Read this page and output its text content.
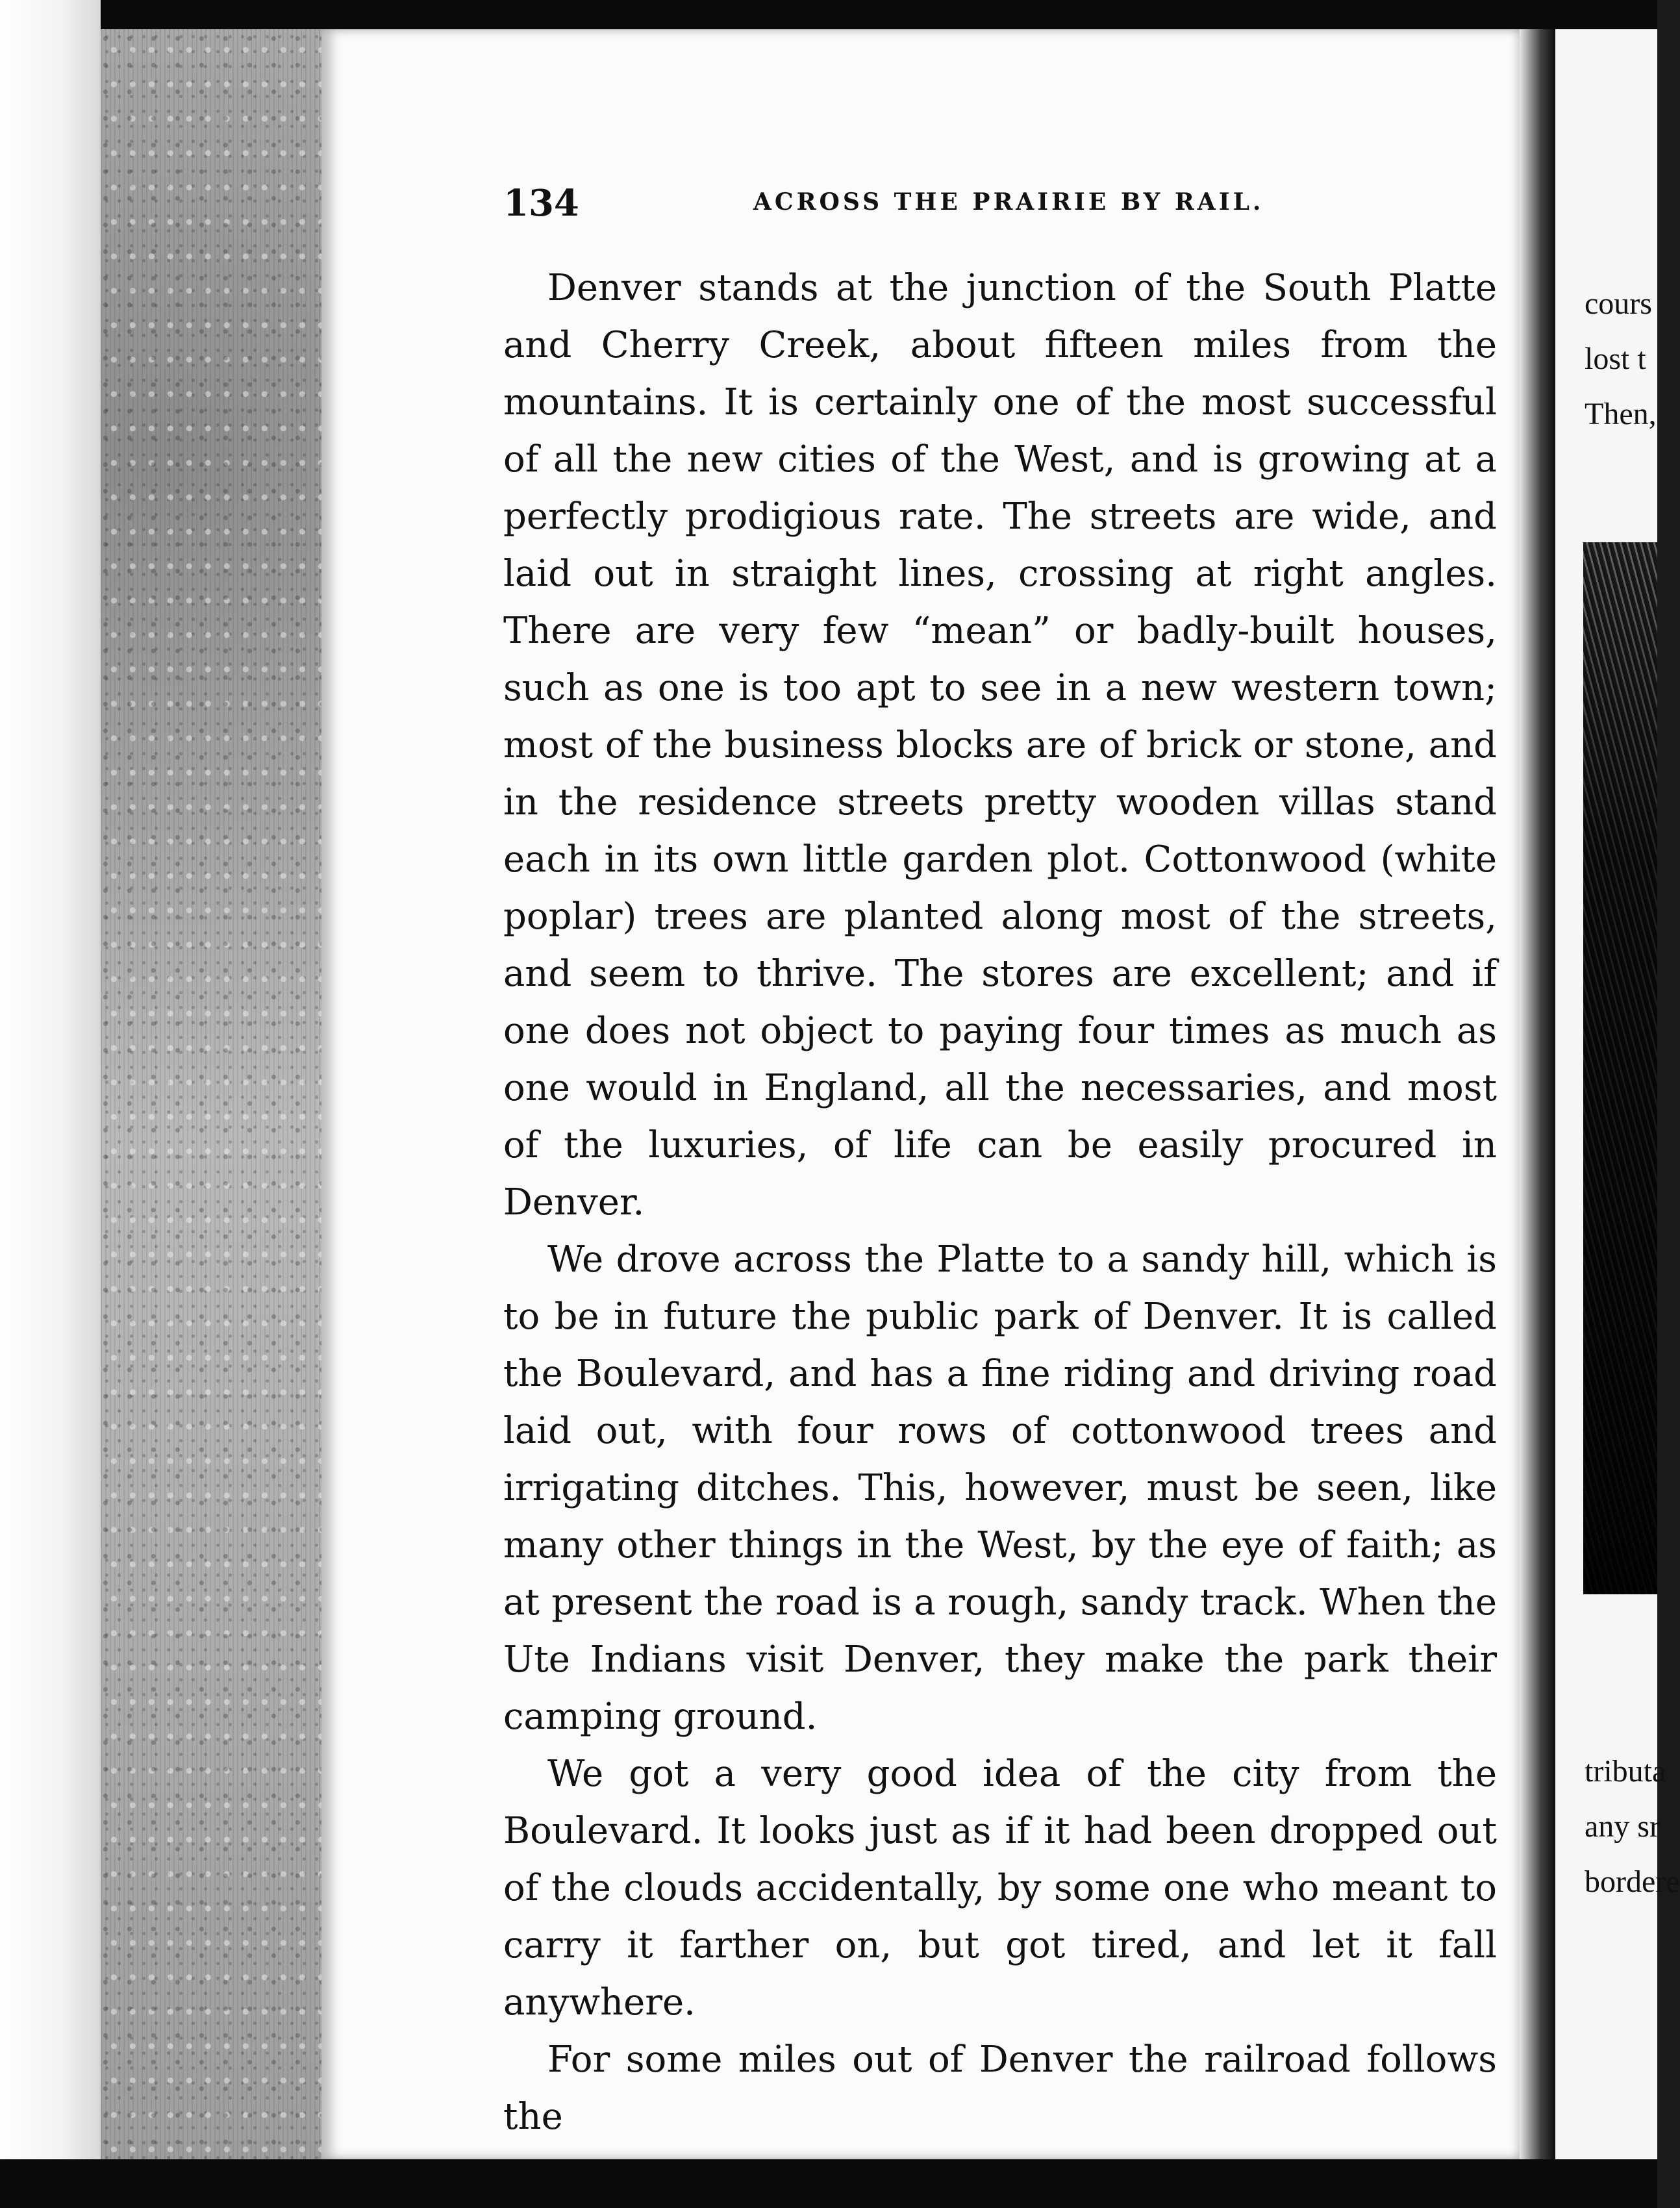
134	ACROSS THE PRAIRIE BY RAIL.

Denver stands at the junction of the South Platte and Cherry Creek, about fifteen miles from the mountains. It is certainly one of the most successful of all the new cities of the West, and is growing at a perfectly prodigious rate. The streets are wide, and laid out in straight lines, crossing at right angles. There are very few “mean” or badly-built houses, such as one is too apt to see in a new western town; most of the business blocks are of brick or stone, and in the residence streets pretty wooden villas stand each in its own little garden plot. Cottonwood (white poplar) trees are planted along most of the streets, and seem to thrive. The stores are excellent; and if one does not object to paying four times as much as one would in England, all the necessaries, and most of the luxuries, of life can be easily procured in Denver.

We drove across the Platte to a sandy hill, which is to be in future the public park of Denver. It is called the Boulevard, and has a fine riding and driving road laid out, with four rows of cottonwood trees and irrigating ditches. This, however, must be seen, like many other things in the West, by the eye of faith; as at present the road is a rough, sandy track. When the Ute Indians visit Denver, they make the park their camping ground.

We got a very good idea of the city from the Boulevard. It looks just as if it had been dropped out of the clouds accidentally, by some one who meant to carry it farther on, but got tired, and let it fall anywhere.

For some miles out of Denver the railroad follows the

cours
lost t
Then,
tributa
any sr
bordere
